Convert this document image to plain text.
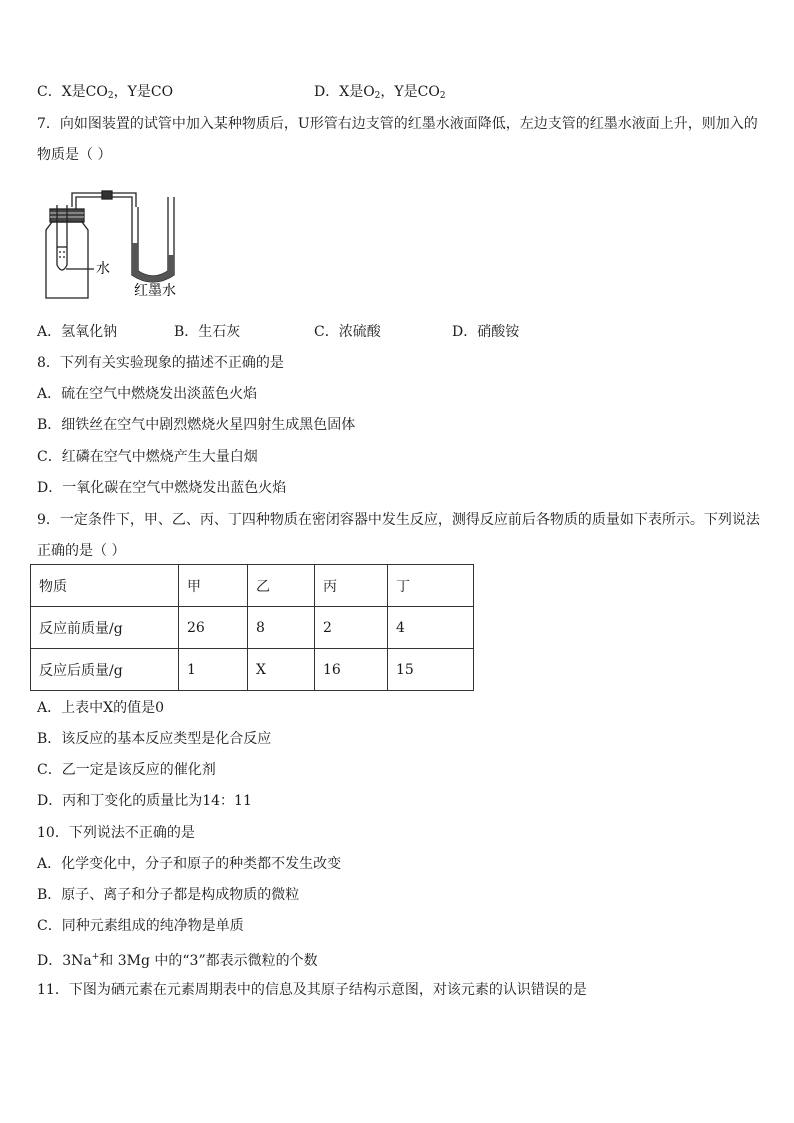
C．X是$CO_2$，Y是CO	D．X是$O_2$，Y是$CO_2$
7．向如图装置的试管中加入某种物质后，U形管右边支管的红墨水液面降低，左边支管的红墨水液面上升，则加入的
物质是（ ）
水
红墨水
A．氢氧化钠	B．生石灰	C．浓硫酸	D．硝酸铵
8．下列有关实验现象的描述不正确的是
A．硫在空气中燃烧发出淡蓝色火焰
B．细铁丝在空气中剧烈燃烧火星四射生成黑色固体
C．红磷在空气中燃烧产生大量白烟
D．一氧化碳在空气中燃烧发出蓝色火焰
9．一定条件下，甲、乙、丙、丁四种物质在密闭容器中发生反应，测得反应前后各物质的质量如下表所示。下列说法
正确的是（ ）
物质	甲	乙	丙	丁
反应前质量/g	26	8	2	4
反应后质量/g	1	X	16	15
A．上表中X的值是0
B．该反应的基本反应类型是化合反应
C．乙一定是该反应的催化剂
D．丙和丁变化的质量比为14：11
10．下列说法不正确的是
A．化学变化中，分子和原子的种类都不发生改变
B．原子、离子和分子都是构成物质的微粒
C．同种元素组成的纯净物是单质
D．3Na+和 3Mg 中的“3”都表示微粒的个数
11．下图为硒元素在元素周期表中的信息及其原子结构示意图，对该元素的认识错误的是
